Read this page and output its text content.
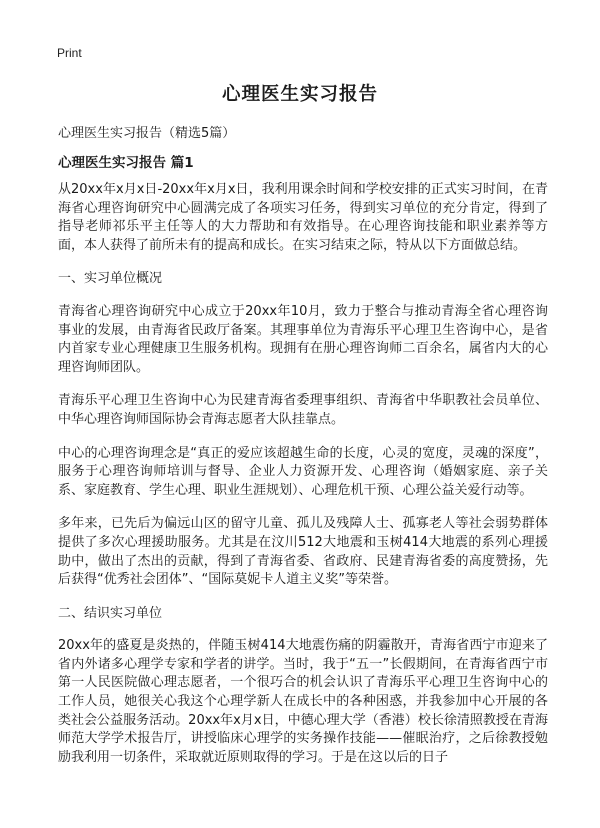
Print
心理医生实习报告
心理医生实习报告（精选5篇）
心理医生实习报告 篇1

从20xx年x月x日-20xx年x月x日，我利用课余时间和学校安排的正式实习时间，在青海省心理咨询研究中心圆满完成了各项实习任务，得到实习单位的充分肯定，得到了指导老师祁乐平主任等人的大力帮助和有效指导。在心理咨询技能和职业素养等方面，本人获得了前所未有的提高和成长。在实习结束之际，特从以下方面做总结。

一、实习单位概况

青海省心理咨询研究中心成立于20xx年10月，致力于整合与推动青海全省心理咨询事业的发展，由青海省民政厅备案。其理事单位为青海乐平心理卫生咨询中心，是省内首家专业心理健康卫生服务机构。现拥有在册心理咨询师二百余名，属省内大的心理咨询师团队。

青海乐平心理卫生咨询中心为民建青海省委理事组织、青海省中华职教社会员单位、中华心理咨询师国际协会青海志愿者大队挂靠点。

中心的心理咨询理念是“真正的爱应该超越生命的长度，心灵的宽度，灵魂的深度”，服务于心理咨询师培训与督导、企业人力资源开发、心理咨询（婚姻家庭、亲子关系、家庭教育、学生心理、职业生涯规划）、心理危机干预、心理公益关爱行动等。

多年来，已先后为偏远山区的留守儿童、孤儿及残障人士、孤寡老人等社会弱势群体提供了多次心理援助服务。尤其是在汶川512大地震和玉树414大地震的系列心理援助中，做出了杰出的贡献，得到了青海省委、省政府、民建青海省委的高度赞扬，先后获得“优秀社会团体”、“国际莫妮卡人道主义奖”等荣誉。

二、结识实习单位

20xx年的盛夏是炎热的，伴随玉树414大地震伤痛的阴霾散开，青海省西宁市迎来了省内外诸多心理学专家和学者的讲学。当时，我于“五一”长假期间，在青海省西宁市第一人民医院做心理志愿者，一个很巧合的机会认识了青海乐平心理卫生咨询中心的工作人员，她很关心我这个心理学新人在成长中的各种困惑，并我参加中心开展的各类社会公益服务活动。20xx年x月x日，中德心理大学（香港）校长徐清照教授在青海师范大学学术报告厅，讲授临床心理学的实务操作技能——催眠治疗，之后徐教授勉励我利用一切条件，采取就近原则取得的学习。于是在这以后的日子
